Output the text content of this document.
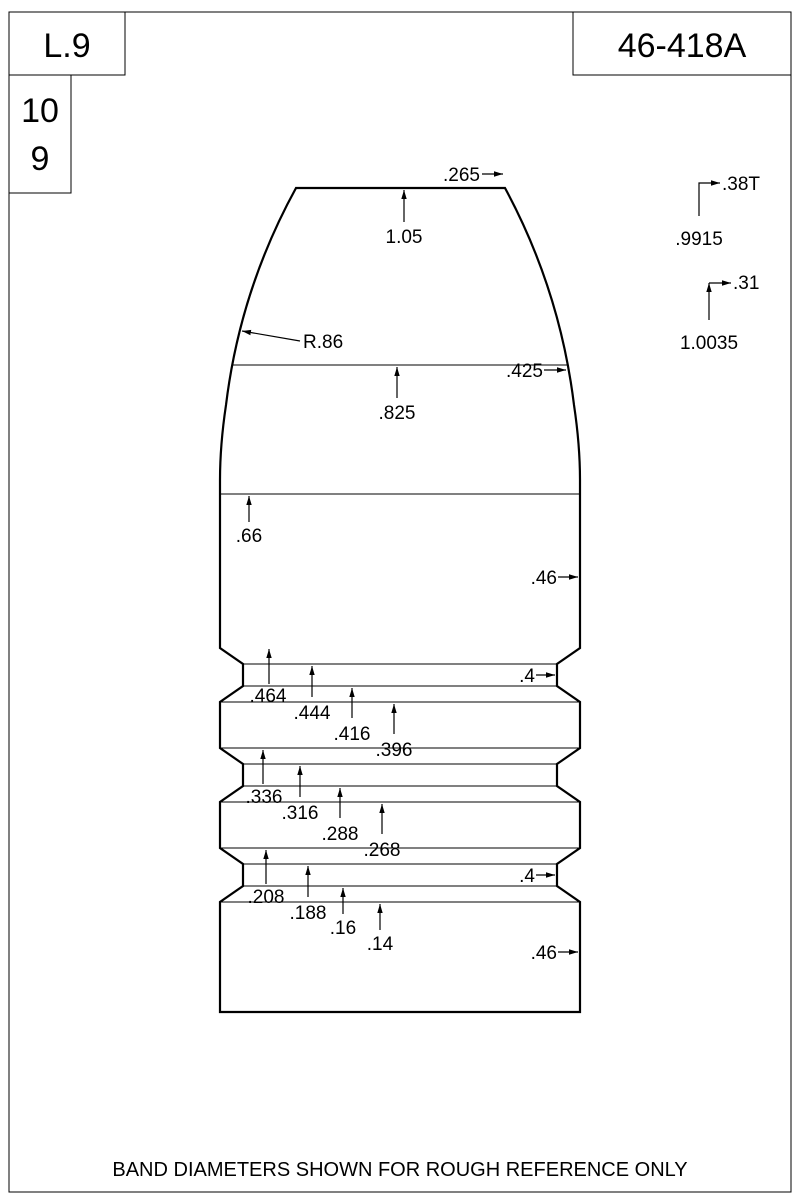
L.9
10
9
46-418A
.265
.425
.46
.4
.4
.46
R.86
1.05
.825
.66
.464
.444
.416
.396
.336
.316
.288
.268
.208
.188
.16
.14
.38T
.9915
.31
1.0035
BAND DIAMETERS SHOWN FOR ROUGH REFERENCE ONLY
